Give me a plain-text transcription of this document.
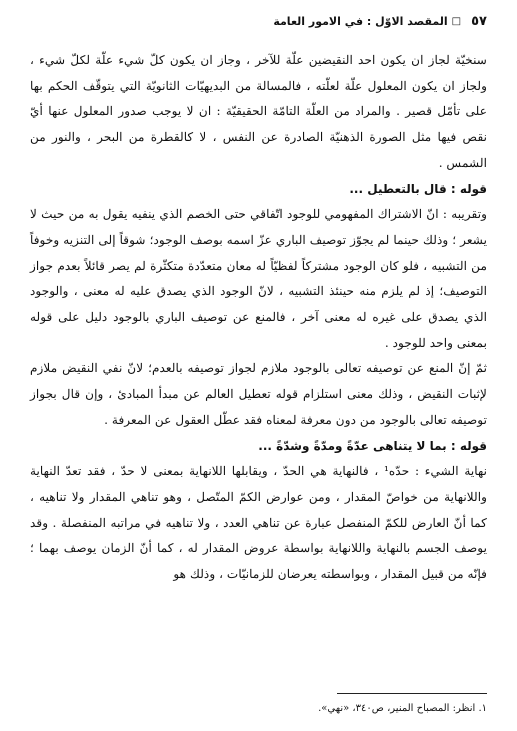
٥٧
□
المقصد الاوّل : في الامور العامة

سنخيّة لجاز ان يكون احد النقيضين علّة للآخر ، وجاز ان يكون كلّ شيء علّة لكلّ شيء ، ولجاز ان يكون المعلول علّة لعلّته ، فالمسالة من البديهيّات الثانويّة التي يتوقّف الحكم بها على تأمّل قصير . والمراد من العلّة التامّة الحقيقيّة : ان لا يوجب صدور المعلول عنها أيّ نقص فيها مثل الصورة الذهنيّة الصادرة عن النفس ، لا كالقطرة من البحر ، والنور من الشمس .

قوله : قال بالتعطيل ...

وتقريبه : انّ الاشتراك المفهومي للوجود اتّفاقي حتى الخصم الذي ينفيه يقول به من حيث لا يشعر ؛ وذلك حينما لم يجوّز توصيف الباري عزّ اسمه بوصف الوجود؛ شوقاً إلى التنزيه وخوفاً من التشبيه ، فلو كان الوجود مشتركاً لفظيّاً له معان متعدّدة متكثّرة لم يصر قائلاً بعدم جواز التوصيف؛ إذ لم يلزم منه حينئذ التشبيه ، لانّ الوجود الذي يصدق عليه له معنى ، والوجود الذي يصدق على غيره له معنى آخر ، فالمنع عن توصيف الباري بالوجود دليل على قوله بمعنى واحد للوجود .

ثمّ إنّ المنع عن توصيفه تعالى بالوجود ملازم لجواز توصيفه بالعدم؛ لانّ نفي النقيض ملازم لإثبات النقيض ، وذلك معنى استلزام قوله تعطيل العالم عن مبدأ المبادئ ، وإن قال بجواز توصيفه تعالى بالوجود من دون معرفة لمعناه فقد عطّل العقول عن المعرفة .

قوله : بما لا يتناهى عدّةً ومدّةً وشدّةً ...

نهاية الشيء : حدّه¹ ، فالنهاية هي الحدّ ، ويقابلها اللانهاية بمعنى لا حدّ ، فقد تعدّ النهاية واللانهاية من خواصّ المقدار ، ومن عوارض الكمّ المتّصل ، وهو تناهي المقدار ولا تناهيه ، كما أنّ العارض للكمّ المنفصل عبارة عن تناهي العدد ، ولا تناهيه في مراتبه المنفصلة . وقد يوصف الجسم بالنهاية واللانهاية بواسطة عروض المقدار له ، كما أنّ الزمان يوصف بهما ؛ فإنّه من قبيل المقدار ، وبواسطته يعرضان للزمانيّات ، وذلك هو

١. انظر: المصباح المنير، ص٣٤٠، «نهي».
